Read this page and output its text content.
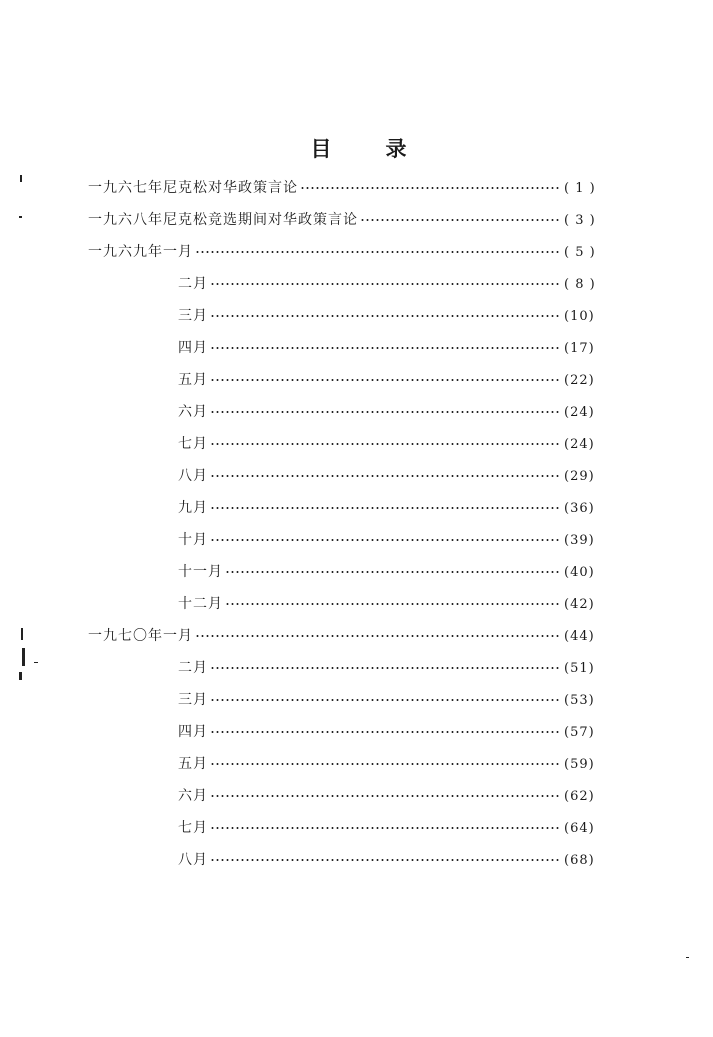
目	录
一九六七年尼克松对华政策言论	( 1 )
一九六八年尼克松竞选期间对华政策言论	( 3 )
一九六九年一月	( 5 )
二月	( 8 )
三月	(10)
四月	(17)
五月	(22)
六月	(24)
七月	(24)
八月	(29)
九月	(36)
十月	(39)
十一月	(40)
十二月	(42)
一九七〇年一月	(44)
二月	(51)
三月	(53)
四月	(57)
五月	(59)
六月	(62)
七月	(64)
八月	(68)
